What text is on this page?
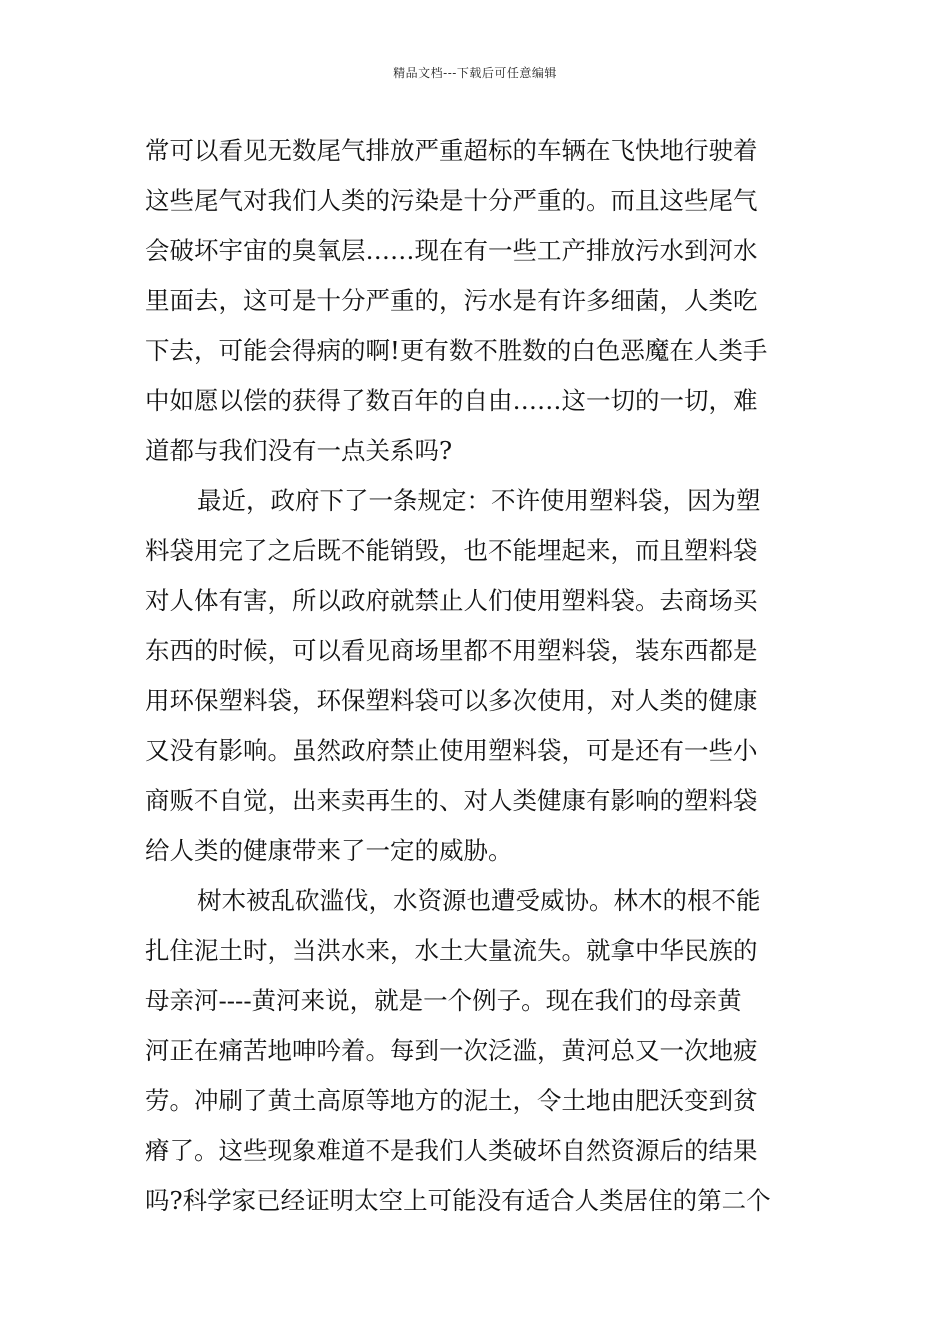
精品文档---下载后可任意编辑
常可以看见无数尾气排放严重超标的车辆在飞快地行驶着
这些尾气对我们人类的污染是十分严重的。而且这些尾气
会破坏宇宙的臭氧层……现在有一些工产排放污水到河水
里面去，这可是十分严重的，污水是有许多细菌，人类吃
下去，可能会得病的啊!更有数不胜数的白色恶魔在人类手
中如愿以偿的获得了数百年的自由……这一切的一切，难
道都与我们没有一点关系吗?
最近，政府下了一条规定：不许使用塑料袋，因为塑
料袋用完了之后既不能销毁，也不能埋起来，而且塑料袋
对人体有害，所以政府就禁止人们使用塑料袋。去商场买
东西的时候，可以看见商场里都不用塑料袋，装东西都是
用环保塑料袋，环保塑料袋可以多次使用，对人类的健康
又没有影响。虽然政府禁止使用塑料袋，可是还有一些小
商贩不自觉，出来卖再生的、对人类健康有影响的塑料袋
给人类的健康带来了一定的威胁。
树木被乱砍滥伐，水资源也遭受威协。林木的根不能
扎住泥土时，当洪水来，水土大量流失。就拿中华民族的
母亲河----黄河来说，就是一个例子。现在我们的母亲黄
河正在痛苦地呻吟着。每到一次泛滥，黄河总又一次地疲
劳。冲刷了黄土高原等地方的泥土，令土地由肥沃变到贫
瘠了。这些现象难道不是我们人类破坏自然资源后的结果
吗?科学家已经证明太空上可能没有适合人类居住的第二个
